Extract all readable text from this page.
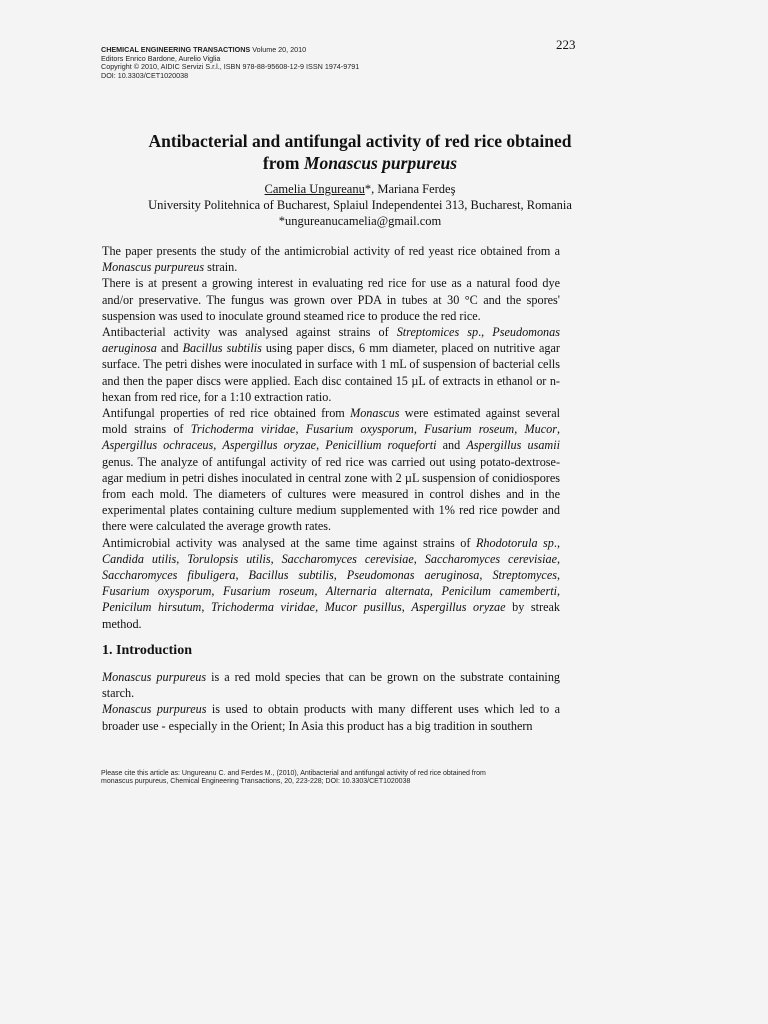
223
CHEMICAL ENGINEERING TRANSACTIONS Volume 20, 2010
Editors Enrico Bardone, Aurelio Viglia
Copyright © 2010, AIDIC Servizi S.r.l., ISBN 978-88-95608-12-9 ISSN 1974-9791
DOI: 10.3303/CET1020038
Antibacterial and antifungal activity of red rice obtained
from Monascus purpureus
Camelia Ungureanu*, Mariana Ferdeş
University Politehnica of Bucharest, Splaiul Independentei 313, Bucharest, Romania
*ungureanucamelia@gmail.com

The paper presents the study of the antimicrobial activity of red yeast rice obtained from a Monascus purpureus strain.

There is at present a growing interest in evaluating red rice for use as a natural food dye and/or preservative. The fungus was grown over PDA in tubes at 30 °C and the spores' suspension was used to inoculate ground steamed rice to produce the red rice.

Antibacterial activity was analysed against strains of Streptomices sp., Pseudomonas aeruginosa and Bacillus subtilis using paper discs, 6 mm diameter, placed on nutritive agar surface. The petri dishes were inoculated in surface with 1 mL of suspension of bacterial cells and then the paper discs were applied. Each disc contained 15 µL of extracts in ethanol or n-hexan from red rice, for a 1:10 extraction ratio.

Antifungal properties of red rice obtained from Monascus were estimated against several mold strains of Trichoderma viridae, Fusarium oxysporum, Fusarium roseum, Mucor, Aspergillus ochraceus, Aspergillus oryzae, Penicillium roqueforti and Aspergillus usamii genus. The analyze of antifungal activity of red rice was carried out using potato-dextrose-agar medium in petri dishes inoculated in central zone with 2 µL suspension of conidiospores from each mold. The diameters of cultures were measured in control dishes and in the experimental plates containing culture medium supplemented with 1% red rice powder and there were calculated the average growth rates.

Antimicrobial activity was analysed at the same time against strains of Rhodotorula sp., Candida utilis, Torulopsis utilis, Saccharomyces cerevisiae, Saccharomyces cerevisiae, Saccharomyces fibuligera, Bacillus subtilis, Pseudomonas aeruginosa, Streptomyces, Fusarium oxysporum, Fusarium roseum, Alternaria alternata, Penicilum camemberti, Penicilum hirsutum, Trichoderma viridae, Mucor pusillus, Aspergillus oryzae by streak method.

1. Introduction

Monascus purpureus is a red mold species that can be grown on the substrate containing starch.

Monascus purpureus is used to obtain products with many different uses which led to a broader use - especially in the Orient; In Asia this product has a big tradition in southern

Please cite this article as: Ungureanu C. and Ferdes M., (2010), Antibacterial and antifungal activity of red rice obtained from
monascus purpureus, Chemical Engineering Transactions, 20, 223-228; DOI: 10.3303/CET1020038
